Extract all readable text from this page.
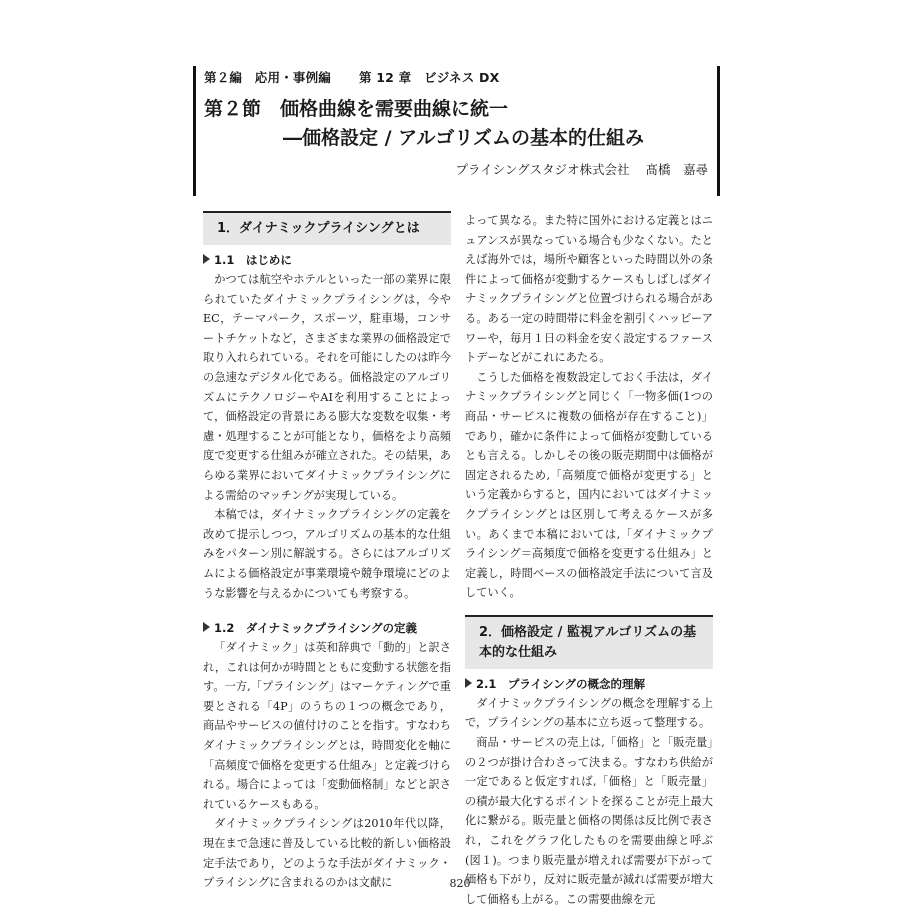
第２編　応用・事例編 第 12 章　ビジネス DX
第２節　価格曲線を需要曲線に統一
―価格設定 / アルゴリズムの基本的仕組み
プライシングスタジオ株式会社 髙橋　嘉尋
1．ダイナミックプライシングとは
1.1　はじめに

かつては航空やホテルといった一部の業界に限られていたダイナミックプライシングは，今やEC，テーマパーク，スポーツ，駐車場，コンサートチケットなど，さまざまな業界の価格設定で取り入れられている。それを可能にしたのは昨今の急速なデジタル化である。価格設定のアルゴリズムにテクノロジーやAIを利用することによって，価格設定の背景にある膨大な変数を収集・考慮・処理することが可能となり，価格をより高頻度で変更する仕組みが確立された。その結果，あらゆる業界においてダイナミックプライシングによる需給のマッチングが実現している。

本稿では，ダイナミックプライシングの定義を改めて提示しつつ，アルゴリズムの基本的な仕組みをパターン別に解説する。さらにはアルゴリズムによる価格設定が事業環境や競争環境にどのような影響を与えるかについても考察する。

1.2　ダイナミックプライシングの定義

「ダイナミック」は英和辞典で「動的」と訳され，これは何かが時間とともに変動する状態を指す。一方,「プライシング」はマーケティングで重要とされる「4P」のうちの１つの概念であり，商品やサービスの値付けのことを指す。すなわちダイナミックプライシングとは，時間変化を軸に「高頻度で価格を変更する仕組み」と定義づけられる。場合によっては「変動価格制」などと訳されているケースもある。

ダイナミックプライシングは2010年代以降，現在まで急速に普及している比較的新しい価格設定手法であり，どのような手法がダイナミック・プライシングに含まれるのかは文献に

よって異なる。また特に国外における定義とはニュアンスが異なっている場合も少なくない。たとえば海外では，場所や顧客といった時間以外の条件によって価格が変動するケースもしばしばダイナミックプライシングと位置づけられる場合がある。ある一定の時間帯に料金を割引くハッピーアワーや，毎月１日の料金を安く設定するファーストデーなどがこれにあたる。

こうした価格を複数設定しておく手法は，ダイナミックプライシングと同じく「一物多価(1つの商品・サービスに複数の価格が存在すること)」であり，確かに条件によって価格が変動しているとも言える。しかしその後の販売期間中は価格が固定されるため,「高頻度で価格が変更する」という定義からすると，国内においてはダイナミックプライシングとは区別して考えるケースが多い。あくまで本稿においては,「ダイナミックプライシング＝高頻度で価格を変更する仕組み」と定義し，時間ベースの価格設定手法について言及していく。

2．価格設定 / 監視アルゴリズムの基本的な仕組み
2.1　プライシングの概念的理解

ダイナミックプライシングの概念を理解する上で，プライシングの基本に立ち返って整理する。

商品・サービスの売上は,「価格」と「販売量」の２つが掛け合わさって決まる。すなわち供給が一定であると仮定すれば,「価格」と「販売量」の積が最大化するポイントを探ることが売上最大化に繋がる。販売量と価格の関係は反比例で表され，これをグラフ化したものを需要曲線と呼ぶ(図１)。つまり販売量が増えれば需要が下がって価格も下がり，反対に販売量が減れば需要が増大して価格も上がる。この需要曲線を元

820
